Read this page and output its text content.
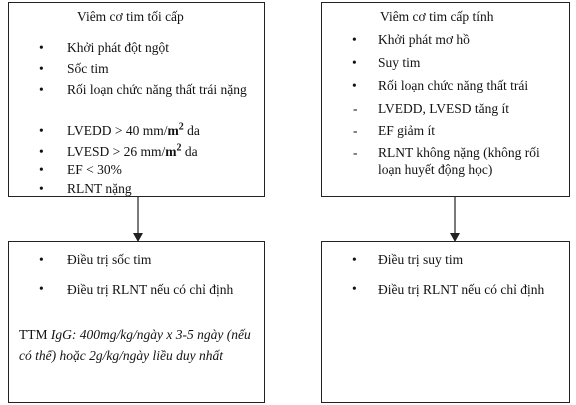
Viêm cơ tim tối cấp
• Khởi phát đột ngột
• Sốc tim
• Rối loạn chức năng thất trái nặng
• LVEDD > 40 $mm/m^2$ da
• LVESD > 26 $mm/m^2$ da
• EF < 30%
• RLNT nặng
Viêm cơ tim cấp tính
• Khởi phát mơ hồ
• Suy tim
• Rối loạn chức năng thất trái
- LVEDD, LVESD tăng ít
- EF giảm ít
- RLNT không nặng (không rối loạn huyết động học)
• Điều trị sốc tim
• Điều trị RLNT nếu có chỉ định
TTM IgG: 400mg/kg/ngày x 3-5 ngày (nếu có thể) hoặc 2g/kg/ngày liều duy nhất
• Điều trị suy tim
• Điều trị RLNT nếu có chỉ định
